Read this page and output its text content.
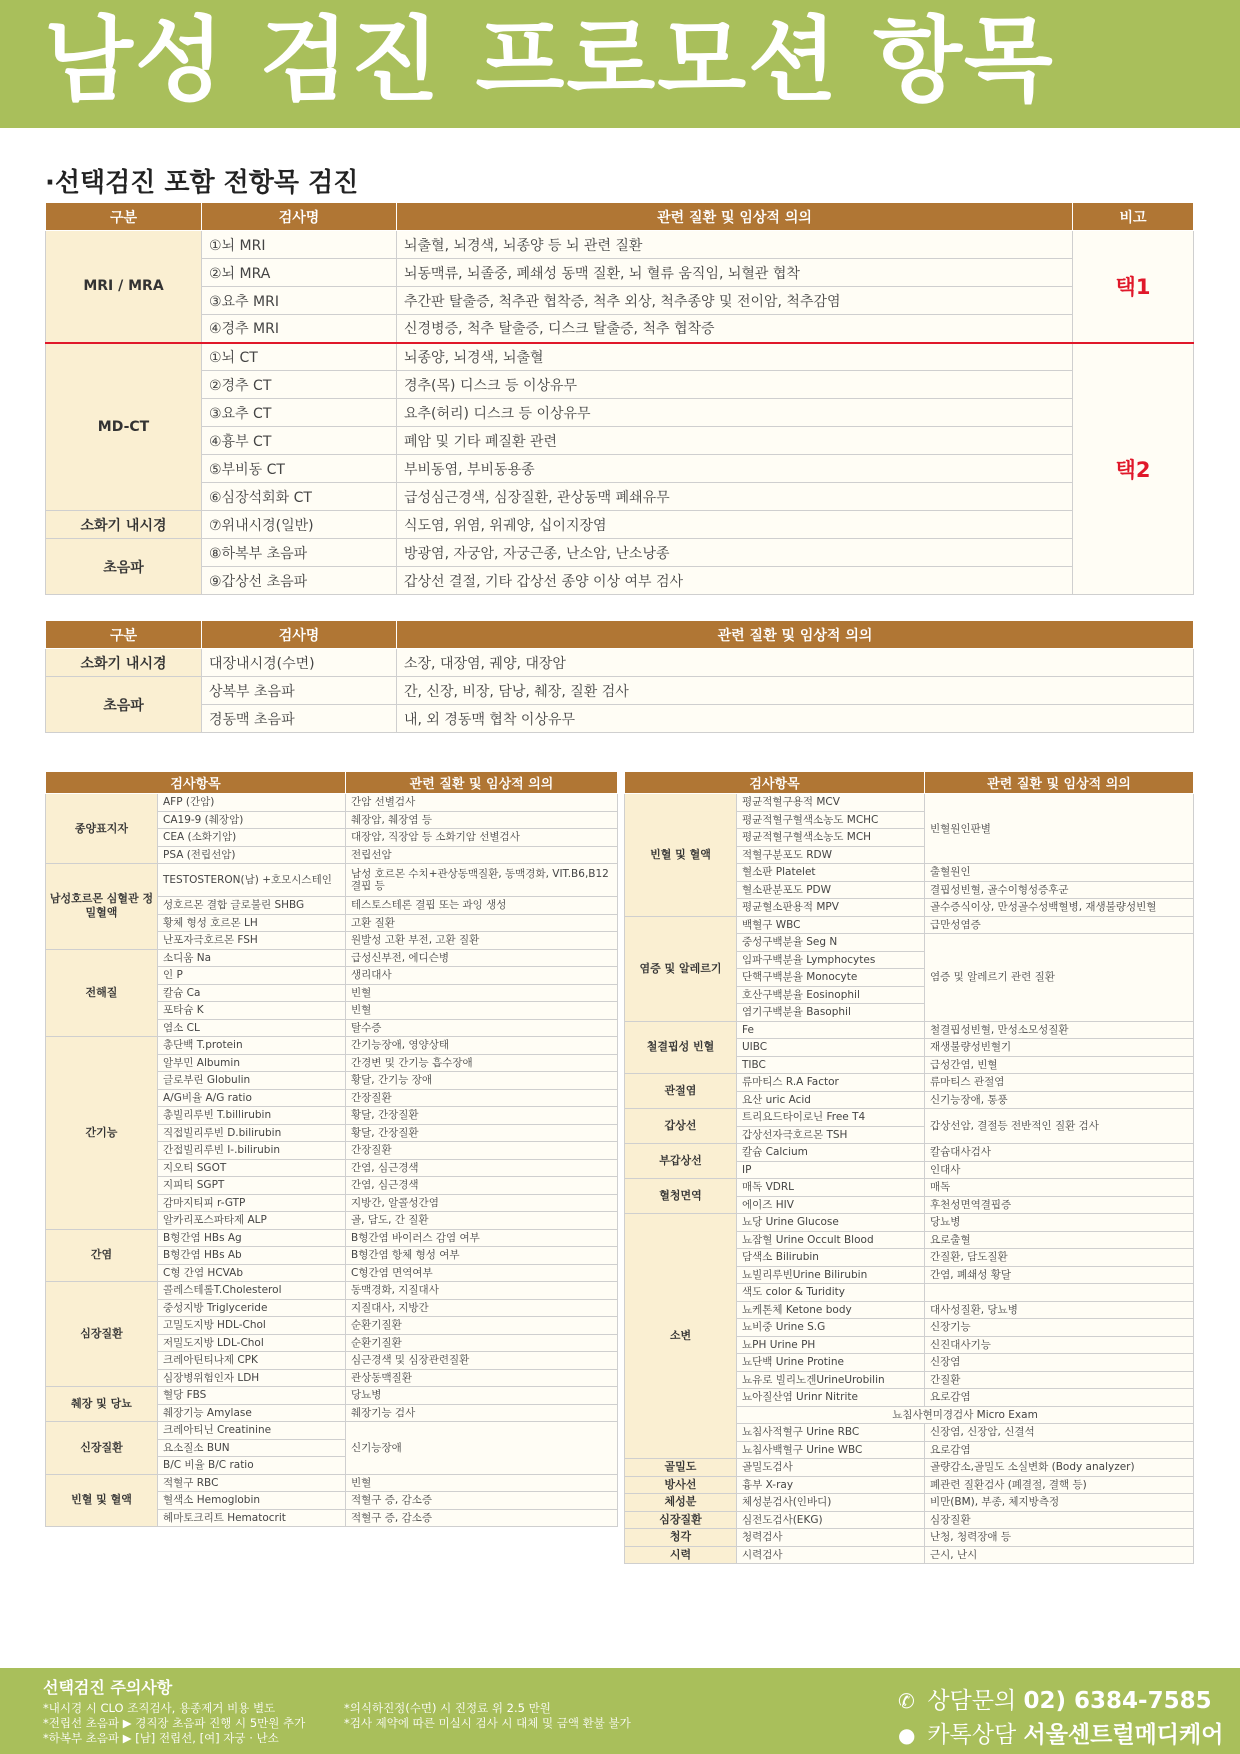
남성 검진 프로모션 항목
·선택검진 포함 전항목 검진
구분	검사명	관련 질환 및 임상적 의의	비고
MRI / MRA	①뇌 MRI	뇌출혈, 뇌경색, 뇌종양 등 뇌 관련 질환	택1
	②뇌 MRA	뇌동맥류, 뇌졸중, 폐쇄성 동맥 질환, 뇌 혈류 움직임, 뇌혈관 협착	
	③요추 MRI	추간판 탈출증, 척추관 협착증, 척추 외상, 척추종양 및 전이암, 척추감염	
	④경추 MRI	신경병증, 척추 탈출증, 디스크 탈출증, 척추 협착증	
MD-CT	①뇌 CT	뇌종양, 뇌경색, 뇌출혈	택2
	②경추 CT	경추(목) 디스크 등 이상유무	
	③요추 CT	요추(허리) 디스크 등 이상유무	
	④흉부 CT	폐암 및 기타 폐질환 관련	
	⑤부비동 CT	부비동염, 부비동용종	
	⑥심장석회화 CT	급성심근경색, 심장질환, 관상동맥 폐쇄유무	
소화기 내시경	⑦위내시경(일반)	식도염, 위염, 위궤양, 십이지장염	
초음파	⑧하복부 초음파	방광염, 자궁암, 자궁근종, 난소암, 난소낭종	
	⑨갑상선 초음파	갑상선 결절, 기타 갑상선 종양 이상 여부 검사	
구분	검사명	관련 질환 및 임상적 의의
소화기 내시경	대장내시경(수면)	소장, 대장염, 궤양, 대장암
초음파	상복부 초음파	간, 신장, 비장, 담낭, 췌장, 질환 검사
	경동맥 초음파	내, 외 경동맥 협착 이상유무
검사항목		관련 질환 및 임상적 의의
종양표지자	AFP (간암)	간암 선별검사
	CA19-9 (췌장암)	췌장암, 췌장염 등
	CEA (소화기암)	대장암, 직장암 등 소화기암 선별검사
	PSA (전립선암)	전립선암
남성호르몬 심혈관 정밀혈액	TESTOSTERON(남) +호모시스테인	남성 호르몬 수치+관상동맥질환, 동맥경화, VIT.B6,B12결핍 등
	성호르몬 결합 글로불린 SHBG	테스토스테론 결핍 또는 과잉 생성
	황체 형성 호르몬 LH	고환 질환
	난포자극호르몬 FSH	원발성 고환 부전, 고환 질환
전해질	소디움 Na	급성신부전, 에디슨병
	인 P	생리대사
	칼슘 Ca	빈혈
	포타슘 K	빈혈
	염소 CL	탈수증
간기능	총단백 T.protein	간기능장애, 영양상태
	알부민 Albumin	간경변 및 간기능 흡수장애
	글로부린 Globulin	황달, 간기능 장애
	A/G비율 A/G ratio	간장질환
	총빌리루빈 T.billirubin	황달, 간장질환
	직접빌리루빈 D.bilirubin	황달, 간장질환
	간접빌리루빈 I-.bilirubin	간장질환
	지오티 SGOT	간염, 심근경색
	지피티 SGPT	간염, 심근경색
	감마지티피 r-GTP	지방간, 알콜성간염
	알카리포스파타제 ALP	골, 담도, 간 질환
간염	B형간염 HBs Ag	B형간염 바이러스 감염 여부
	B형간염 HBs Ab	B형간염 항체 형성 여부
	C형 간염 HCVAb	C형간염 면역여부
심장질환	콜레스테롤T.Cholesterol	동맥경화, 지질대사
	중성지방 Triglyceride	지질대사, 지방간
	고밀도지방 HDL-Chol	순환기질환
	저밀도지방 LDL-Chol	순환기질환
	크레아틴티나제 CPK	심근경색 및 심장관련질환
	심장병위험인자 LDH	관상동맥질환
췌장 및 당뇨	혈당 FBS	당뇨병
	췌장기능 Amylase	췌장기능 검사
신장질환	크레아티닌 Creatinine	신기능장애
	요소질소 BUN	
	B/C 비율 B/C ratio	
빈혈 및 혈액	적혈구 RBC	빈혈
	혈색소 Hemoglobin	적혈구 증, 감소증
	헤마토크리트 Hematocrit	적혈구 증, 감소증
검사항목		관련 질환 및 임상적 의의
빈혈 및 혈액	평균적혈구용적 MCV	빈혈원인판별
	평균적혈구혈색소농도 MCHC	
	평균적혈구혈색소농도 MCH	
	적혈구분포도 RDW	
	혈소판 Platelet	출혈원인
	혈소판분포도 PDW	결핍성빈혈, 골수이형성증후군
	평균혈소판용적 MPV	골수증식이상, 만성골수성백혈병, 재생불량성빈혈
염증 및 알레르기	백혈구 WBC	급만성염증
	중성구백분율 Seg N	염증 및 알레르기 관련 질환
	임파구백분율 Lymphocytes	
	단핵구백분율 Monocyte	
	호산구백분율 Eosinophil	
	염기구백분율 Basophil	
철결핍성 빈혈	Fe	철결핍성빈혈, 만성소모성질환
	UIBC	재생불량성빈혈기
	TIBC	급성간염, 빈혈
관절염	류마티스 R.A Factor	류마티스 관절염
	요산 uric Acid	신기능장애, 통풍
갑상선	트리요드타이로닌 Free T4	갑상선암, 결절등 전반적인 질환 검사
	갑상선자극호르몬 TSH	
부갑상선	칼슘 Calcium	칼슘대사검사
	IP	인대사
혈청면역	매독 VDRL	매독
	에이즈 HIV	후천성면역결핍증
소변	뇨당 Urine Glucose	당뇨병
	뇨잠혈 Urine Occult Blood	요로출혈
	담색소 Bilirubin	간질환, 담도질환
	뇨빌리루빈Urine Bilirubin	간염, 폐쇄성 황달
	색도 color & Turidity	
	뇨케톤체 Ketone body	대사성질환, 당뇨병
	뇨비중 Urine S.G	신장기능
	뇨PH Urine PH	신진대사기능
	뇨단백 Urine Protine	신장염
	뇨유로 빌리노겐UrineUrobilin	간질환
	뇨아질산염 Urinr Nitrite	요로감염
	뇨침사현미경검사 Micro Exam	
	뇨침사적혈구 Urine RBC	신장염, 신장암, 신결석
	뇨침사백혈구 Urine WBC	요로감염
골밀도	골밀도검사	골량감소,골밀도 소실변화 (Body analyzer)
방사선	흉부 X-ray	폐관련 질환검사 (폐결절, 결핵 등)
체성분	체성분검사(인바디)	비만(BM), 부종, 체지방측정
심장질환	심전도검사(EKG)	심장질환
청각	청력검사	난청, 청력장애 등
시력	시력검사	근시, 난시
선택검진 주의사항
*내시경 시 CLO 조직검사, 용종제거 비용 별도
*전립선 초음파 ▶ 경직장 초음파 진행 시 5만원 추가
*하복부 초음파 ▶ [남] 전립선, [여] 자궁 · 난소
*의식하진정(수면) 시 진정료 위 2.5 만원
*검사 제약에 따른 미실시 검사 시 대체 및 금액 환불 불가
✆ 상담문의 02) 6384-7585
● 카톡상담 서울센트럴메디케어
